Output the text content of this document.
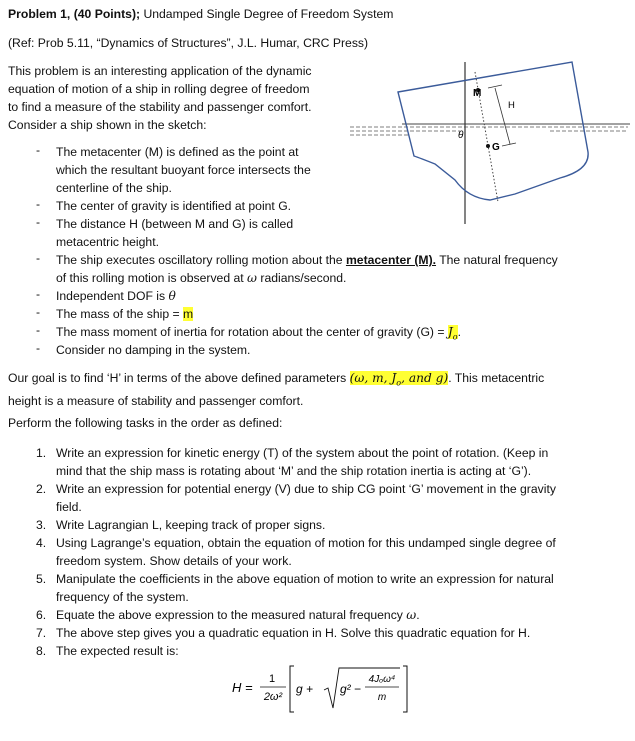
Problem 1, (40 Points); Undamped Single Degree of Freedom System
(Ref: Prob 5.11, “Dynamics of Structures”, J.L. Humar, CRC Press)
This problem is an interesting application of the dynamic
equation of motion of a ship in rolling degree of freedom
to find a measure of the stability and passenger comfort.
Consider a ship shown in the sketch:
M
H
G
θ
- The metacenter (M) is defined as the point at
which the resultant buoyant force intersects the
centerline of the ship.
- The center of gravity is identified at point G.
- The distance H (between M and G) is called
metacentric height.
- The ship executes oscillatory rolling motion about the metacenter (M). The natural frequency
of this rolling motion is observed at ω radians/second.
- Independent DOF is θ
- The mass of the ship = m
- The mass moment of inertia for rotation about the center of gravity $(G) = J_o$.
- Consider no damping in the system.
Our goal is to find ‘H’ in terms of the above defined parameters (ω, m, $J_o$, and g). This metacentric
height is a measure of stability and passenger comfort.
Perform the following tasks in the order as defined:
1. Write an expression for kinetic energy (T) of the system about the point of rotation. (Keep in
mind that the ship mass is rotating about ‘M’ and the ship rotation inertia is acting at ‘G’).
2. Write an expression for potential energy (V) due to ship CG point ‘G’ movement in the gravity
field.
3. Write Lagrangian L, keeping track of proper signs.
4. Using Lagrange’s equation, obtain the equation of motion for this undamped single degree of
freedom system. Show details of your work.
5. Manipulate the coefficients in the above equation of motion to write an expression for natural
frequency of the system.
6. Equate the above expression to the measured natural frequency ω.
7. The above step gives you a quadratic equation in H. Solve this quadratic equation for H.
8. The expected result is:
H =
1
2ω²
g + g² −
4Jₒω⁴
m
